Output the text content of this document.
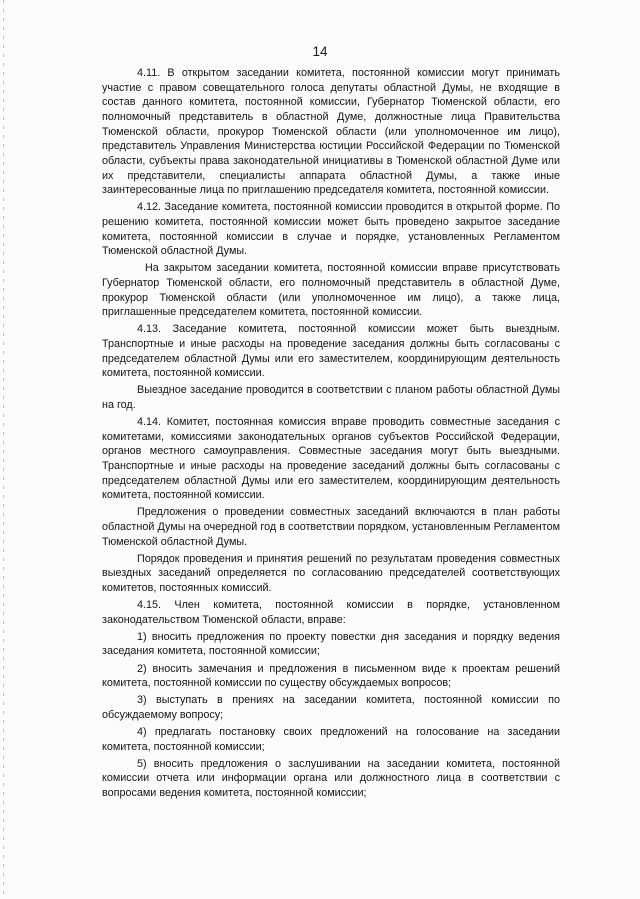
14

4.11. В открытом заседании комитета, постоянной комиссии могут принимать участие с правом совещательного голоса депутаты областной Думы, не входящие в состав данного комитета, постоянной комиссии, Губернатор Тюменской области, его полномочный представитель в областной Думе, должностные лица Правительства Тюменской области, прокурор Тюменской области (или уполномоченное им лицо), представитель Управления Министерства юстиции Российской Федерации по Тюменской области, субъекты права законодательной инициативы в Тюменской областной Думе или их представители, специалисты аппарата областной Думы, а также иные заинтересованные лица по приглашению председателя комитета, постоянной комиссии.

4.12. Заседание комитета, постоянной комиссии проводится в открытой форме. По решению комитета, постоянной комиссии может быть проведено закрытое заседание комитета, постоянной комиссии в случае и порядке, установленных Регламентом Тюменской областной Думы.

На закрытом заседании комитета, постоянной комиссии вправе присутствовать Губернатор Тюменской области, его полномочный представитель в областной Думе, прокурор Тюменской области (или уполномоченное им лицо), а также лица, приглашенные председателем комитета, постоянной комиссии.

4.13. Заседание комитета, постоянной комиссии может быть выездным. Транспортные и иные расходы на проведение заседания должны быть согласованы с председателем областной Думы или его заместителем, координирующим деятельность комитета, постоянной комиссии.

Выездное заседание проводится в соответствии с планом работы областной Думы на год.

4.14. Комитет, постоянная комиссия вправе проводить совместные заседания с комитетами, комиссиями законодательных органов субъектов Российской Федерации, органов местного самоуправления. Совместные заседания могут быть выездными. Транспортные и иные расходы на проведение заседаний должны быть согласованы с председателем областной Думы или его заместителем, координирующим деятельность комитета, постоянной комиссии.

Предложения о проведении совместных заседаний включаются в план работы областной Думы на очередной год в соответствии порядком, установленным Регламентом Тюменской областной Думы.

Порядок проведения и принятия решений по результатам проведения совместных выездных заседаний определяется по согласованию председателей соответствующих комитетов, постоянных комиссий.

4.15. Член комитета, постоянной комиссии в порядке, установленном законодательством Тюменской области, вправе:

1) вносить предложения по проекту повестки дня заседания и порядку ведения заседания комитета, постоянной комиссии;

2) вносить замечания и предложения в письменном виде к проектам решений комитета, постоянной комиссии по существу обсуждаемых вопросов;

3) выступать в прениях на заседании комитета, постоянной комиссии по обсуждаемому вопросу;

4) предлагать постановку своих предложений на голосование на заседании комитета, постоянной комиссии;

5) вносить предложения о заслушивании на заседании комитета, постоянной комиссии отчета или информации органа или должностного лица в соответствии с вопросами ведения комитета, постоянной комиссии;
